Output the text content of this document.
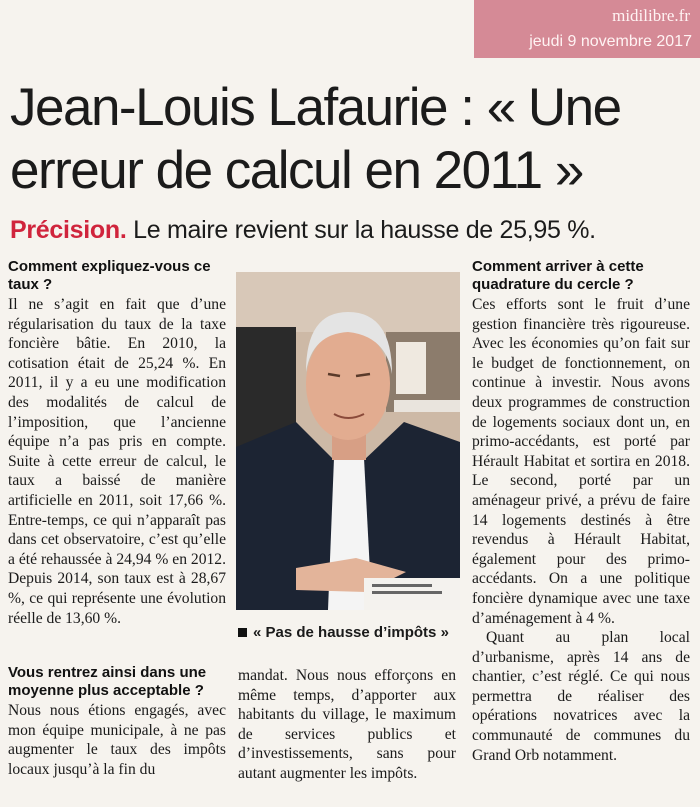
midilibre.fr
jeudi 9 novembre 2017
Jean-Louis Lafaurie : « Une erreur de calcul en 2011 »
Précision. Le maire revient sur la hausse de 25,95 %.
Comment expliquez-vous ce taux ?

Il ne s’agit en fait que d’une régularisation du taux de la taxe foncière bâtie. En 2010, la cotisation était de 25,24 %. En 2011, il y a eu une modification des modalités de calcul de l’imposition, que l’ancienne équipe n’a pas pris en compte. Suite à cette erreur de calcul, le taux a baissé de manière artificielle en 2011, soit 17,66 %. Entre-temps, ce qui n’apparaît pas dans cet observatoire, c’est qu’elle a été rehaussée à 24,94 % en 2012. Depuis 2014, son taux est à 28,67 %, ce qui représente une évolution réelle de 13,60 %.

Vous rentrez ainsi dans une moyenne plus acceptable ?

Nous nous étions engagés, avec mon équipe municipale, à ne pas augmenter le taux des impôts locaux jusqu’à la fin du

« Pas de hausse d’impôts »

mandat. Nous nous efforçons en même temps, d’apporter aux habitants du village, le maximum de services publics et d’investissements, sans pour autant augmenter les impôts.

Comment arriver à cette quadrature du cercle ?

Ces efforts sont le fruit d’une gestion financière très rigoureuse. Avec les économies qu’on fait sur le budget de fonctionnement, on continue à investir. Nous avons deux programmes de construction de logements sociaux dont un, en primo-accédants, est porté par Hérault Habitat et sortira en 2018. Le second, porté par un aménageur privé, a prévu de faire 14 logements destinés à être revendus à Hérault Habitat, également pour des primo-accédants. On a une politique foncière dynamique avec une taxe d’aménagement à 4 %.

Quant au plan local d’urbanisme, après 14 ans de chantier, c’est réglé. Ce qui nous permettra de réaliser des opérations novatrices avec la communauté de communes du Grand Orb notamment.
